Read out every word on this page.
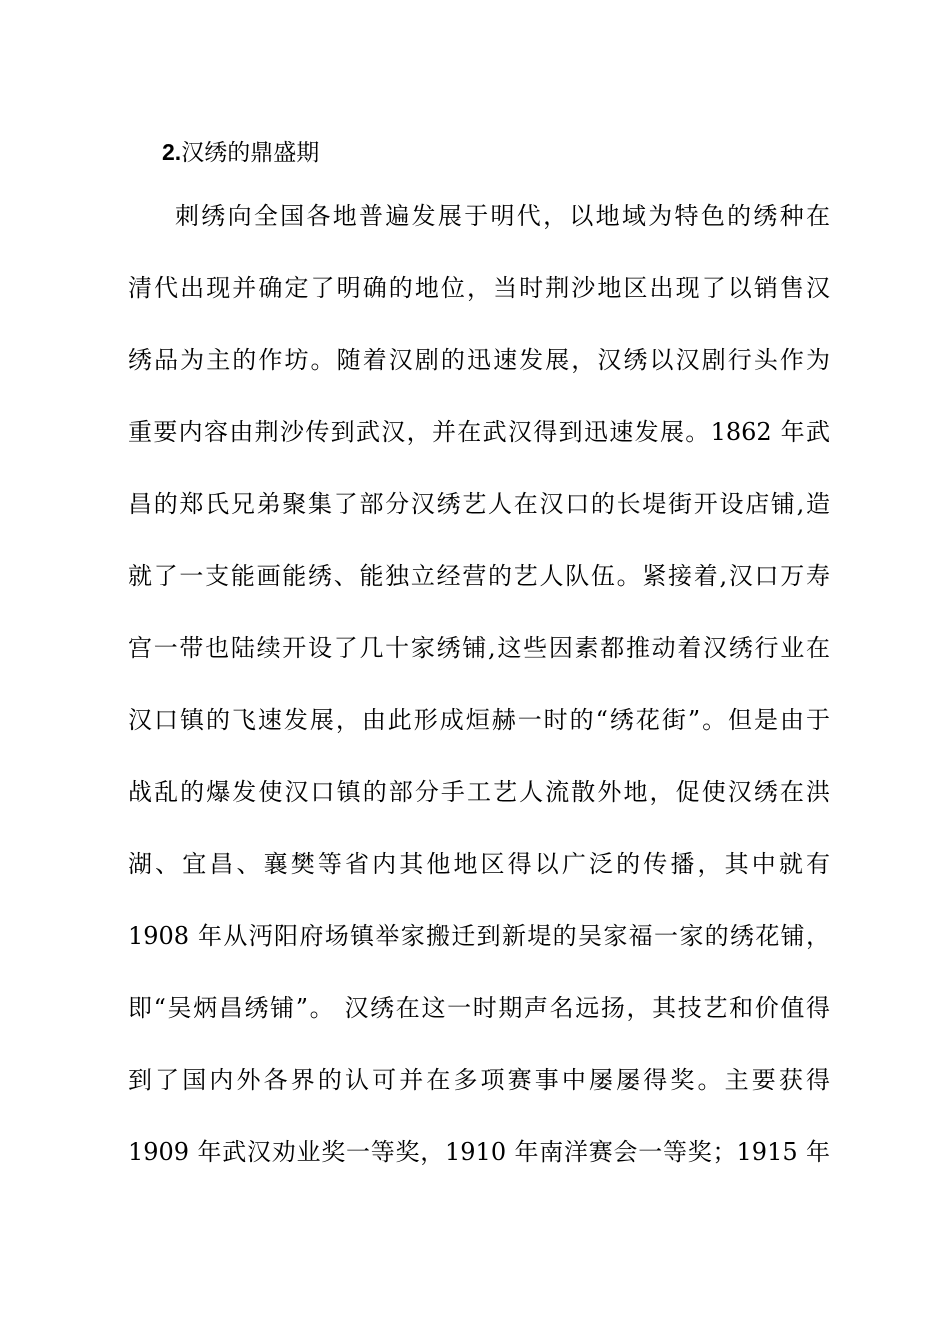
2.汉绣的鼎盛期
刺绣向全国各地普遍发展于明代，以地域为特色的绣种在
清代出现并确定了明确的地位，当时荆沙地区出现了以销售汉
绣品为主的作坊。随着汉剧的迅速发展，汉绣以汉剧行头作为
重要内容由荆沙传到武汉，并在武汉得到迅速发展。1862 年武
昌的郑氏兄弟聚集了部分汉绣艺人在汉口的长堤街开设店铺,造
就了一支能画能绣、能独立经营的艺人队伍。紧接着,汉口万寿
宫一带也陆续开设了几十家绣铺,这些因素都推动着汉绣行业在
汉口镇的飞速发展，由此形成烜赫一时的“绣花街”。但是由于
战乱的爆发使汉口镇的部分手工艺人流散外地，促使汉绣在洪
湖、宜昌、襄樊等省内其他地区得以广泛的传播，其中就有
1908 年从沔阳府场镇举家搬迁到新堤的吴家福一家的绣花铺，
即“吴炳昌绣铺”。 汉绣在这一时期声名远扬，其技艺和价值得
到了国内外各界的认可并在多项赛事中屡屡得奖。主要获得
1909 年武汉劝业奖一等奖，1910 年南洋赛会一等奖；1915 年
